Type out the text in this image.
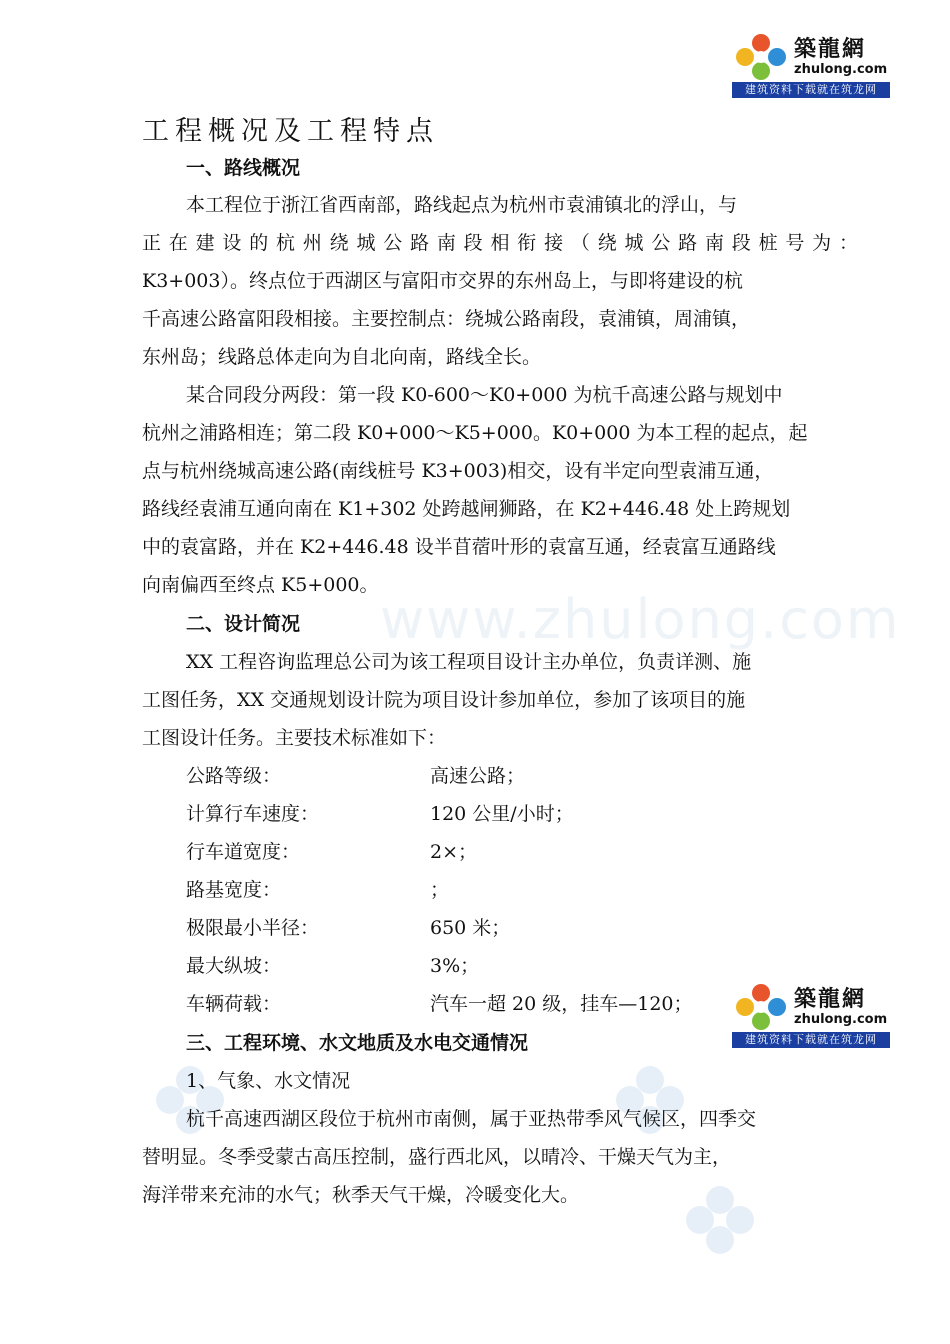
www.zhulong.com
築龍網
zhulong.com
建筑资料下载就在筑龙网
築龍網
zhulong.com
建筑资料下载就在筑龙网
工程概况及工程特点
一、路线概况
本工程位于浙江省西南部，路线起点为杭州市袁浦镇北的浮山，与
正在建设的杭州绕城公路南段相衔接（绕城公路南段桩号为：
K3+003）。终点位于西湖区与富阳市交界的东州岛上，与即将建设的杭
千高速公路富阳段相接。主要控制点：绕城公路南段，袁浦镇，周浦镇，
东州岛；线路总体走向为自北向南，路线全长。
某合同段分两段：第一段 K0-600～K0+000 为杭千高速公路与规划中
杭州之浦路相连；第二段 K0+000～K5+000。K0+000 为本工程的起点，起
点与杭州绕城高速公路(南线桩号 K3+003)相交，设有半定向型袁浦互通，
路线经袁浦互通向南在 K1+302 处跨越闸狮路，在 K2+446.48 处上跨规划
中的袁富路，并在 K2+446.48 设半苜蓿叶形的袁富互通，经袁富互通路线
向南偏西至终点 K5+000。
二、设计简况
XX 工程咨询监理总公司为该工程项目设计主办单位，负责详测、施
工图任务，XX 交通规划设计院为项目设计参加单位，参加了该项目的施
工图设计任务。主要技术标准如下：
公路等级：	高速公路；
计算行车速度：	120 公里/小时；
行车道宽度：	2×；
路基宽度：	；
极限最小半径：	650 米；
最大纵坡：	3%；
车辆荷载：	汽车一超 20 级，挂车—120；
三、工程环境、水文地质及水电交通情况
1、气象、水文情况
杭千高速西湖区段位于杭州市南侧，属于亚热带季风气候区，四季交
替明显。冬季受蒙古高压控制，盛行西北风，以晴冷、干燥天气为主，
海洋带来充沛的水气；秋季天气干燥，冷暖变化大。
